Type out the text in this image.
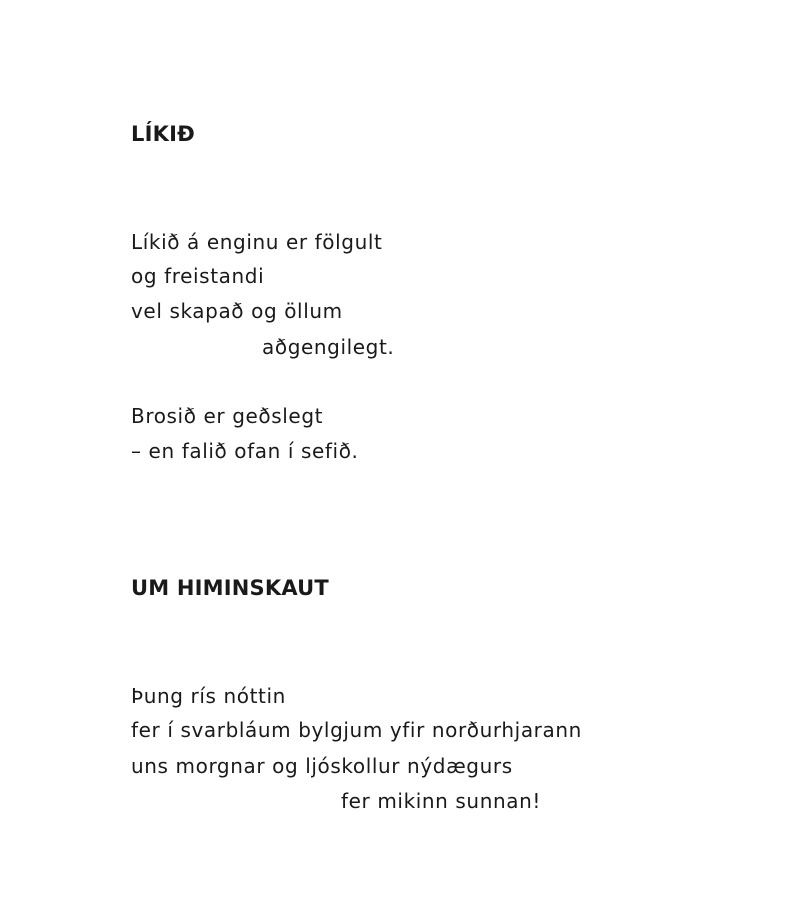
LÍKIÐ

Líkið á enginu er fölgult

og freistandi

vel skapað og öllum

aðgengilegt.

Brosið er geðslegt

– en falið ofan í sefið.

UM HIMINSKAUT

Þung rís nóttin

fer í svarbláum bylgjum yfir norðurhjarann

uns morgnar og ljóskollur nýdægurs

fer mikinn sunnan!
